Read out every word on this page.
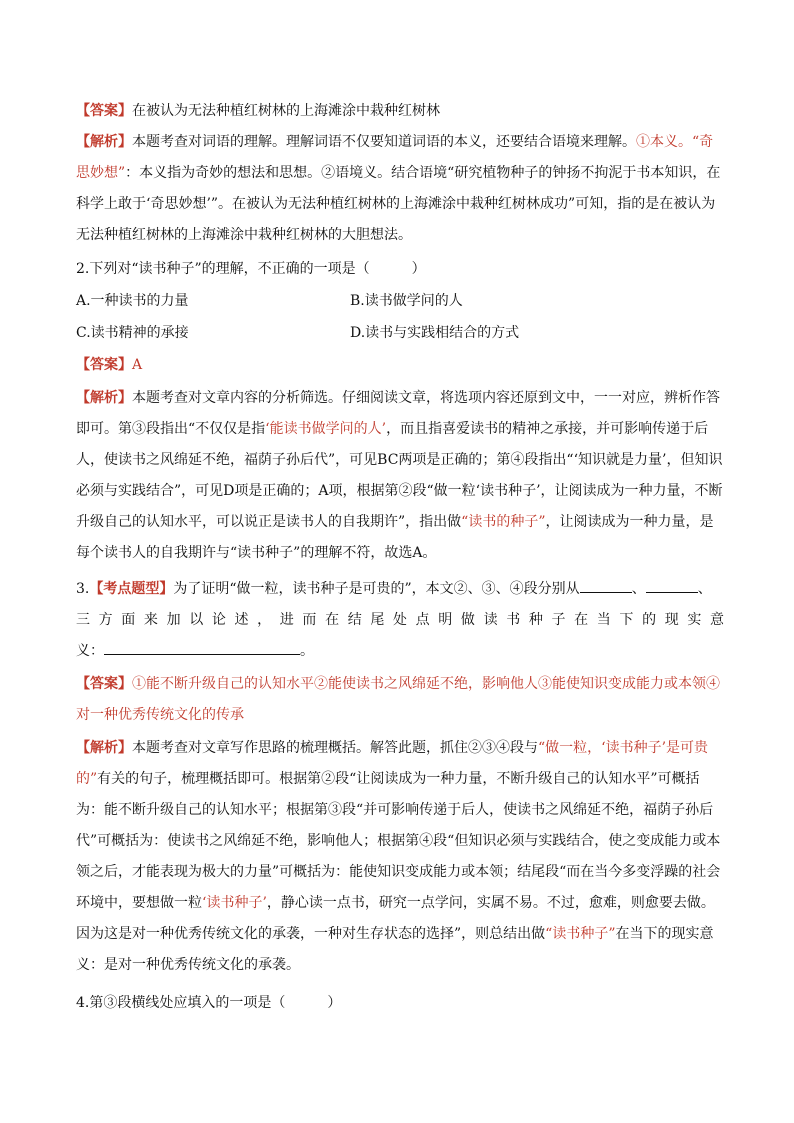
【答案】在被认为无法种植红树林的上海滩涂中栽种红树林
【解析】本题考查对词语的理解。理解词语不仅要知道词语的本义，还要结合语境来理解。①本义。“奇思妙想”：本义指为奇妙的想法和思想。②语境义。结合语境“研究植物种子的钟扬不拘泥于书本知识，在科学上敢于‘奇思妙想’”。在被认为无法种植红树林的上海滩涂中栽种红树林成功”可知，指的是在被认为无法种植红树林的上海滩涂中栽种红树林的大胆想法。
2.下列对“读书种子”的理解，不正确的一项是（　　　）
A.一种读书的力量	B.读书做学问的人
C.读书精神的承接	D.读书与实践相结合的方式
【答案】A
【解析】本题考查对文章内容的分析筛选。仔细阅读文章，将选项内容还原到文中，一一对应，辨析作答即可。第③段指出“不仅仅是指‘能读书做学问的人’，而且指喜爱读书的精神之承接，并可影响传递于后人，使读书之风绵延不绝，福荫子孙后代”，可见BC两项是正确的；第④段指出“‘知识就是力量’，但知识必须与实践结合”，可见D项是正确的；A项，根据第②段“做一粒‘读书种子’，让阅读成为一种力量，不断升级自己的认知水平，可以说正是读书人的自我期许”，指出做“读书的种子”，让阅读成为一种力量，是每个读书人的自我期许与“读书种子”的理解不符，故选A。
3.【考点题型】为了证明“做一粒，读书种子是可贵的”，本文②、③、④段分别从	、	、
三方面来加以论述，进而在结尾处点明做读书种子在当下的现实意
义：	。
【答案】①能不断升级自己的认知水平②能使读书之风绵延不绝，影响他人③能使知识变成能力或本领④对一种优秀传统文化的传承
【解析】本题考查对文章写作思路的梳理概括。解答此题，抓住②③④段与“做一粒，‘读书种子’是可贵的”有关的句子，梳理概括即可。根据第②段“让阅读成为一种力量，不断升级自己的认知水平”可概括为：能不断升级自己的认知水平；根据第③段“并可影响传递于后人，使读书之风绵延不绝，福荫子孙后代”可概括为：使读书之风绵延不绝，影响他人；根据第④段“但知识必须与实践结合，使之变成能力或本领之后，才能表现为极大的力量”可概括为：能使知识变成能力或本领；结尾段“而在当今多变浮躁的社会环境中，要想做一粒‘读书种子’，静心读一点书，研究一点学问，实属不易。不过，愈难，则愈要去做。因为这是对一种优秀传统文化的承袭，一种对生存状态的选择”，则总结出做“读书种子”在当下的现实意义：是对一种优秀传统文化的承袭。
4.第③段横线处应填入的一项是（　　　）
